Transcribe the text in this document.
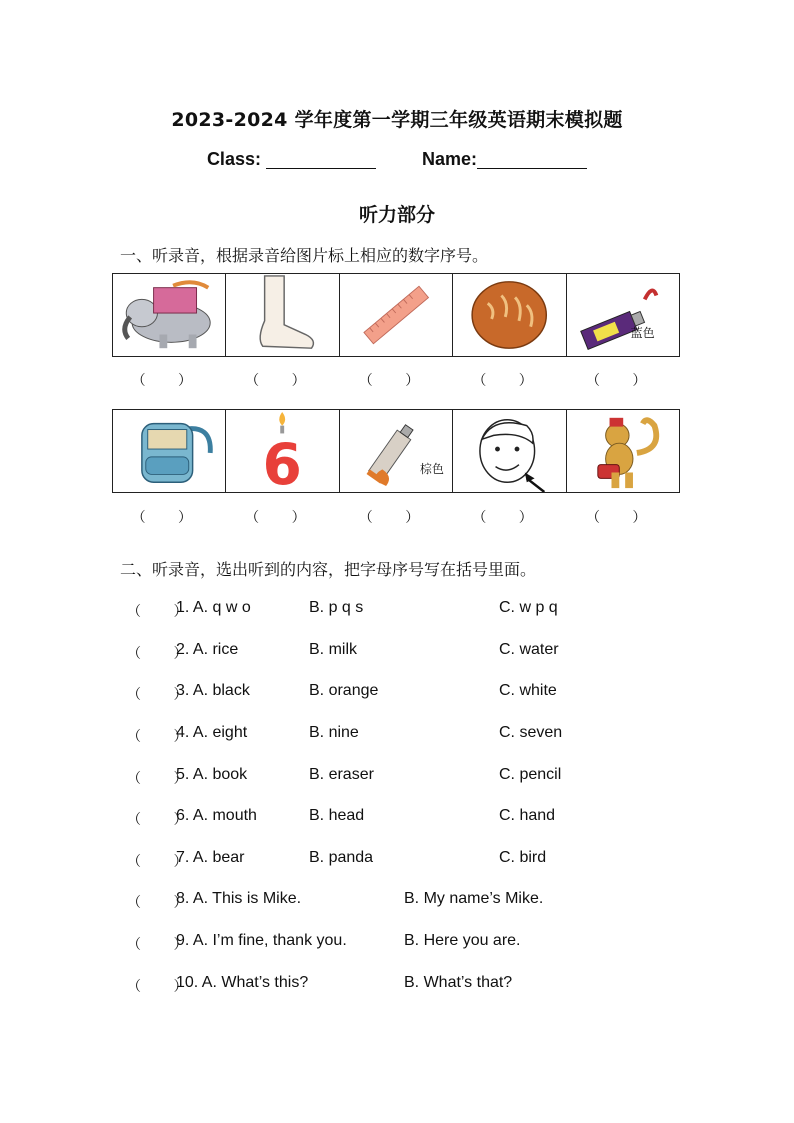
2023-2024 学年度第一学期三年级英语期末模拟题
Class:	Name:
听力部分
一、听录音，根据录音给图片标上相应的数字序号。
蓝色
（ ）	（ ）	（ ）	（ ）	（ ）
6	棕色
（ ）	（ ）	（ ）	（ ）	（ ）
二、听录音，选出听到的内容，把字母序号写在括号里面。
（ ）
1. A. q w o	B. p q s	C. w p q
（ ）
2. A. rice	B. milk	C. water
（ ）
3. A. black	B. orange	C. white
（ ）
4. A. eight	B. nine	C. seven
（ ）
5. A. book	B. eraser	C. pencil
（ ）
6. A. mouth	B. head	C. hand
（ ）
7. A. bear	B. panda	C. bird
（ ）
8. A. This is Mike.	B. My name’s Mike.
（ ）
9. A. I’m fine, thank you.	B. Here you are.
（ ）
10. A. What’s this?	B. What’s that?
